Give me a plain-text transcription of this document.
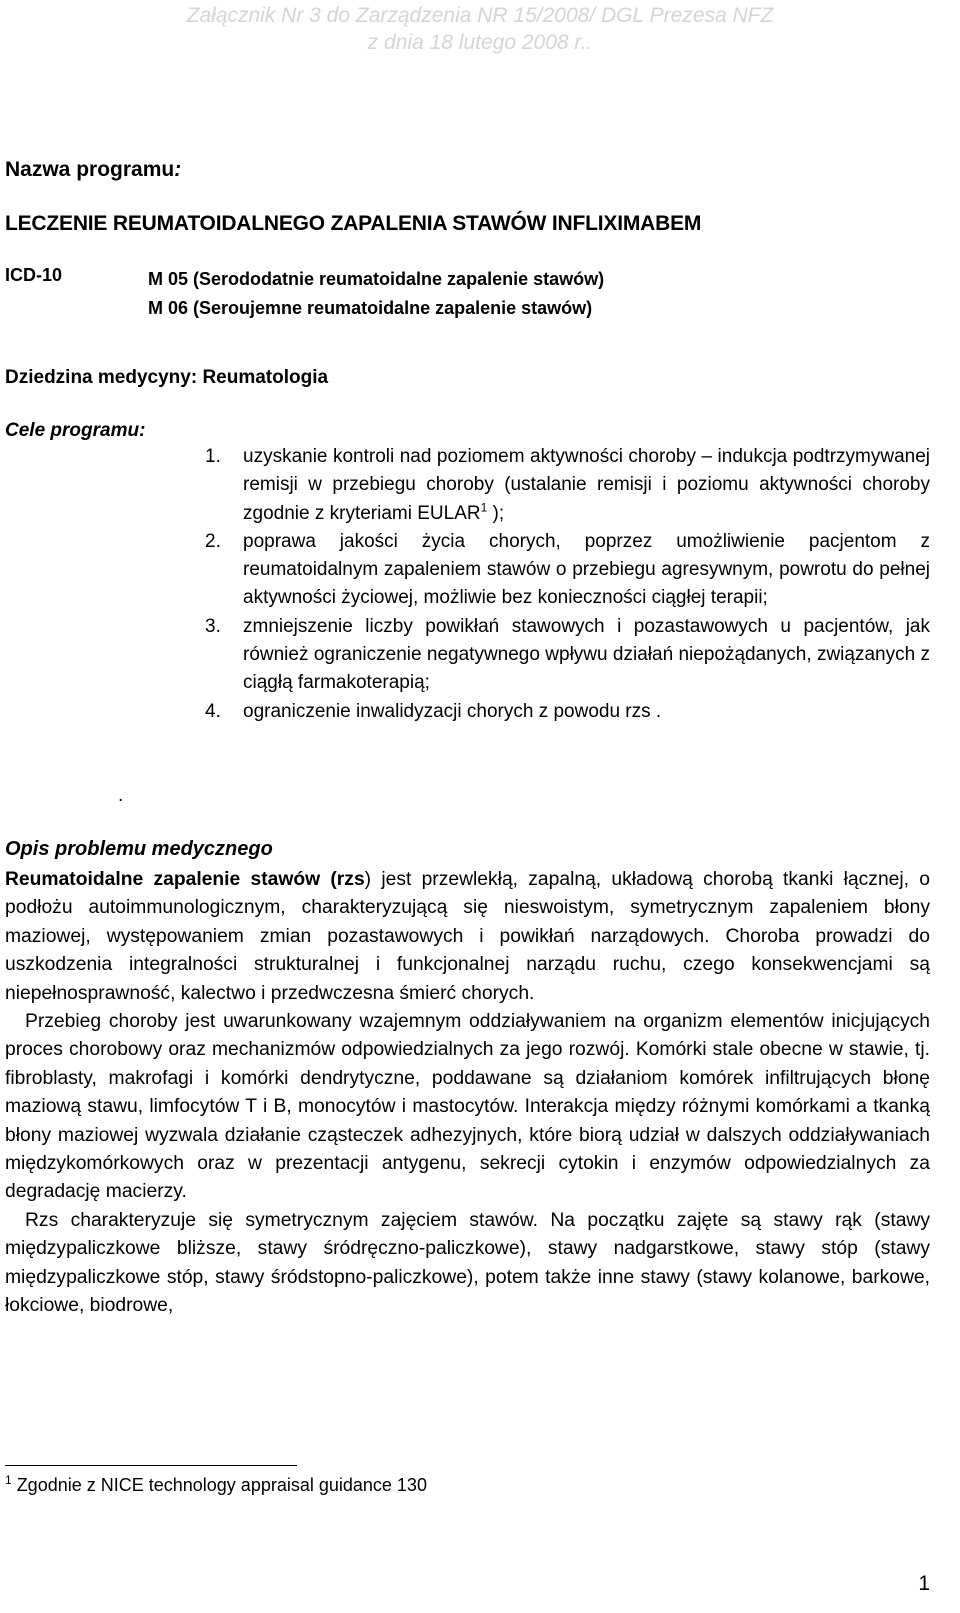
Załącznik Nr 3 do Zarządzenia NR 15/2008/ DGL Prezesa NFZ
z dnia 18 lutego 2008 r..
Nazwa programu:
LECZENIE REUMATOIDALNEGO ZAPALENIA STAWÓW INFLIXIMABEM
ICD-10	M 05 (Serododatnie reumatoidalne zapalenie stawów)
M 06 (Seroujemne reumatoidalne zapalenie stawów)
Dziedzina medycyny: Reumatologia
Cele programu:
1. uzyskanie kontroli nad poziomem aktywności choroby – indukcja podtrzymywanej remisji w przebiegu choroby (ustalanie remisji i poziomu aktywności choroby zgodnie z kryteriami EULAR$^1$ );
2. poprawa jakości życia chorych, poprzez umożliwienie pacjentom z reumatoidalnym zapaleniem stawów o przebiegu agresywnym, powrotu do pełnej aktywności życiowej, możliwie bez konieczności ciągłej terapii;
3. zmniejszenie liczby powikłań stawowych i pozastawowych u pacjentów, jak również ograniczenie negatywnego wpływu działań niepożądanych, związanych z ciągłą farmakoterapią;
4. ograniczenie inwalidyzacji chorych z powodu rzs .
.
Opis problemu medycznego

Reumatoidalne zapalenie stawów (rzs) jest przewlekłą, zapalną, układową chorobą tkanki łącznej, o podłożu autoimmunologicznym, charakteryzującą się nieswoistym, symetrycznym zapaleniem błony maziowej, występowaniem zmian pozastawowych i powikłań narządowych. Choroba prowadzi do uszkodzenia integralności strukturalnej i funkcjonalnej narządu ruchu, czego konsekwencjami są niepełnosprawność, kalectwo i przedwczesna śmierć chorych.

Przebieg choroby jest uwarunkowany wzajemnym oddziaływaniem na organizm elementów inicjujących proces chorobowy oraz mechanizmów odpowiedzialnych za jego rozwój. Komórki stale obecne w stawie, tj. fibroblasty, makrofagi i komórki dendrytyczne, poddawane są działaniom komórek infiltrujących błonę maziową stawu, limfocytów T i B, monocytów i mastocytów. Interakcja między różnymi komórkami a tkanką błony maziowej wyzwala działanie cząsteczek adhezyjnych, które biorą udział w dalszych oddziaływaniach międzykomórkowych oraz w prezentacji antygenu, sekrecji cytokin i enzymów odpowiedzialnych za degradację macierzy.

Rzs charakteryzuje się symetrycznym zajęciem stawów. Na początku zajęte są stawy rąk (stawy międzypaliczkowe bliższe, stawy śródręczno-paliczkowe), stawy nadgarstkowe, stawy stóp (stawy międzypaliczkowe stóp, stawy śródstopno-paliczkowe), potem także inne stawy (stawy kolanowe, barkowe, łokciowe, biodrowe,

$^1$ Zgodnie z NICE technology appraisal guidance 130
1
